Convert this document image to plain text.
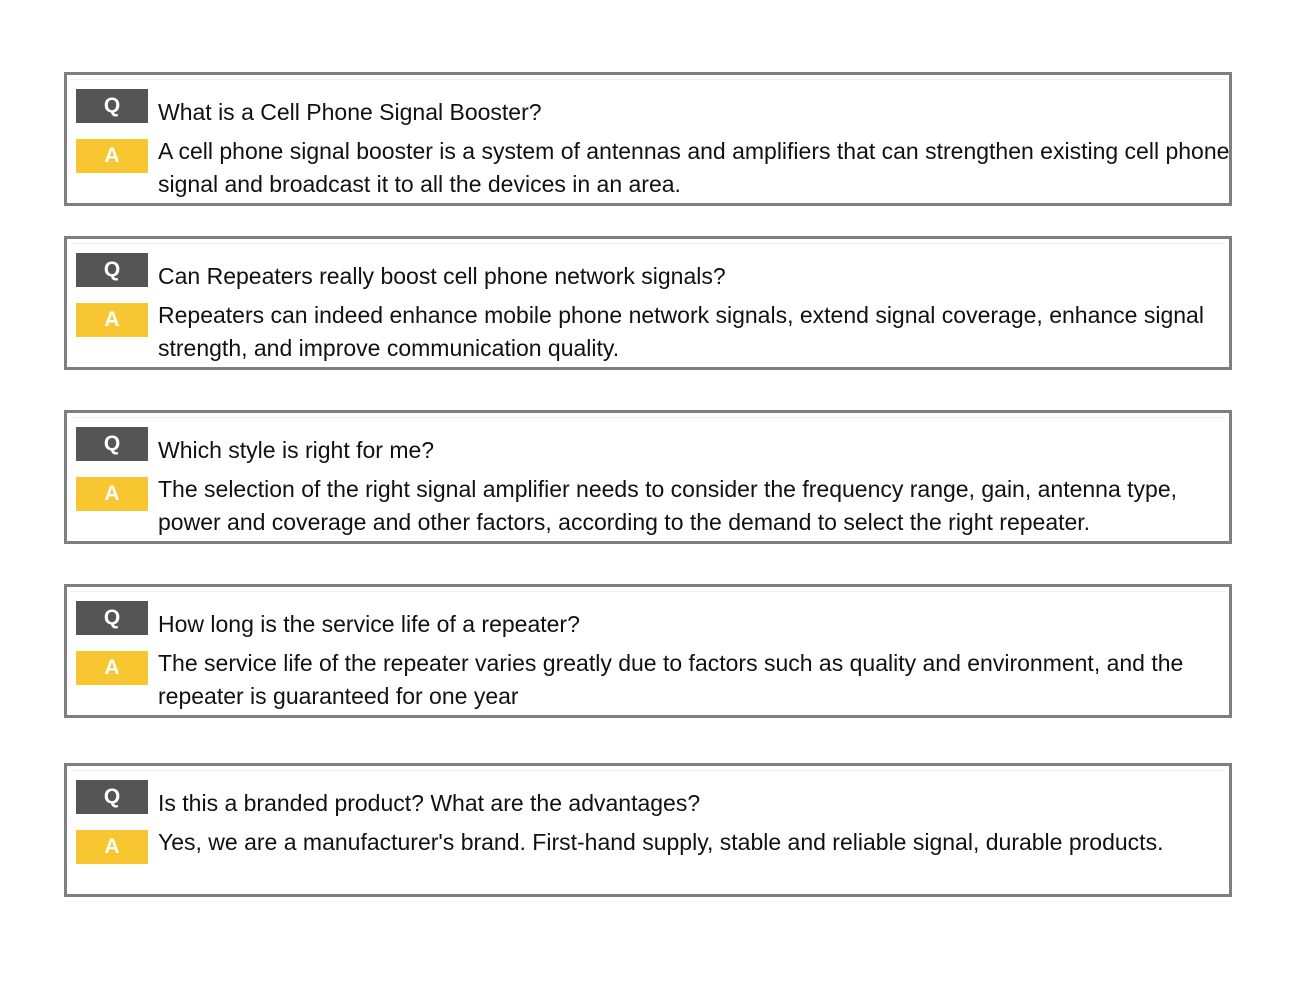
Q
A
What is a Cell Phone Signal Booster?
A cell phone signal booster is a system of antennas and amplifiers that can strengthen existing cell phone signal and broadcast it to all the devices in an area.
Q
A
Can Repeaters really boost cell phone network signals?
Repeaters can indeed enhance mobile phone network signals, extend signal coverage, enhance signal strength, and improve communication quality.
Q
A
Which style is right for me?
The selection of the right signal amplifier needs to consider the frequency range, gain, antenna type, power and coverage and other factors, according to the demand to select the right repeater.
Q
A
How long is the service life of a repeater?
The service life of the repeater varies greatly due to factors such as quality and environment, and the repeater is guaranteed for one year
Q
A
Is this a branded product? What are the advantages?
Yes, we are a manufacturer's brand. First-hand supply, stable and reliable signal, durable products.
